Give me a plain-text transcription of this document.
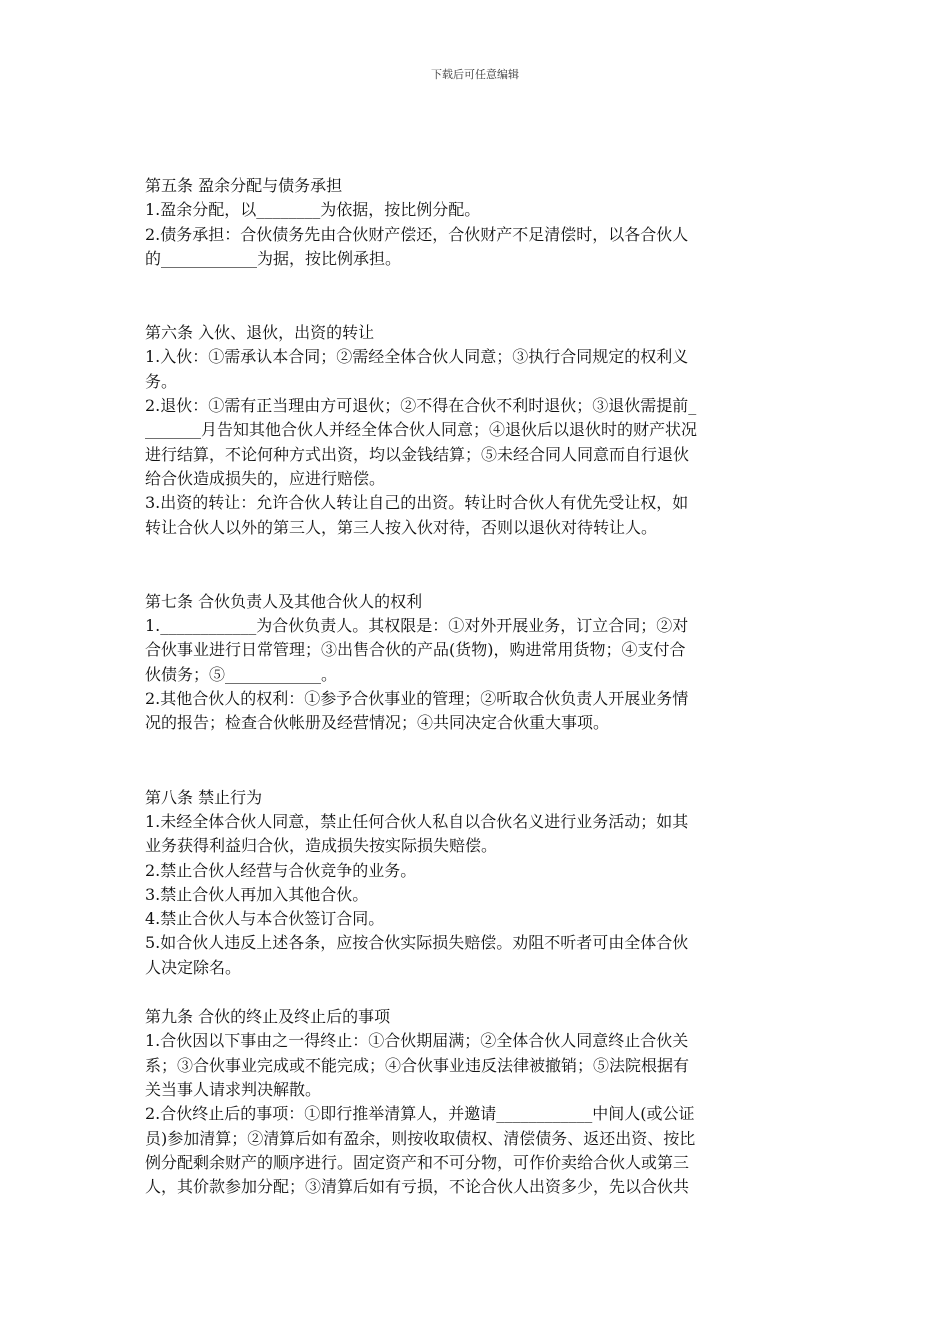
下载后可任意编辑

第五条 盈余分配与债务承担

1.盈余分配，以________为依据，按比例分配。

2.债务承担：合伙债务先由合伙财产偿还，合伙财产不足清偿时，以各合伙人

的____________为据，按比例承担。

第六条 入伙、退伙，出资的转让

1.入伙：①需承认本合同；②需经全体合伙人同意；③执行合同规定的权利义

务。

2.退伙：①需有正当理由方可退伙；②不得在合伙不利时退伙；③退伙需提前_

_______月告知其他合伙人并经全体合伙人同意；④退伙后以退伙时的财产状况

进行结算，不论何种方式出资，均以金钱结算；⑤未经合同人同意而自行退伙

给合伙造成损失的，应进行赔偿。

3.出资的转让：允许合伙人转让自己的出资。转让时合伙人有优先受让权，如

转让合伙人以外的第三人，第三人按入伙对待，否则以退伙对待转让人。

第七条 合伙负责人及其他合伙人的权利

1.____________为合伙负责人。其权限是：①对外开展业务，订立合同；②对

合伙事业进行日常管理；③出售合伙的产品(货物)，购进常用货物；④支付合

伙债务；⑤____________。

2.其他合伙人的权利：①参予合伙事业的管理；②听取合伙负责人开展业务情

况的报告；检查合伙帐册及经营情况；④共同决定合伙重大事项。

第八条 禁止行为

1.未经全体合伙人同意，禁止任何合伙人私自以合伙名义进行业务活动；如其

业务获得利益归合伙，造成损失按实际损失赔偿。

2.禁止合伙人经营与合伙竞争的业务。

3.禁止合伙人再加入其他合伙。

4.禁止合伙人与本合伙签订合同。

5.如合伙人违反上述各条，应按合伙实际损失赔偿。劝阻不听者可由全体合伙

人决定除名。

第九条 合伙的终止及终止后的事项

1.合伙因以下事由之一得终止：①合伙期届满；②全体合伙人同意终止合伙关

系；③合伙事业完成或不能完成；④合伙事业违反法律被撤销；⑤法院根据有

关当事人请求判决解散。

2.合伙终止后的事项：①即行推举清算人，并邀请____________中间人(或公证

员)参加清算；②清算后如有盈余，则按收取债权、清偿债务、返还出资、按比

例分配剩余财产的顺序进行。固定资产和不可分物，可作价卖给合伙人或第三

人，其价款参加分配；③清算后如有亏损，不论合伙人出资多少，先以合伙共
